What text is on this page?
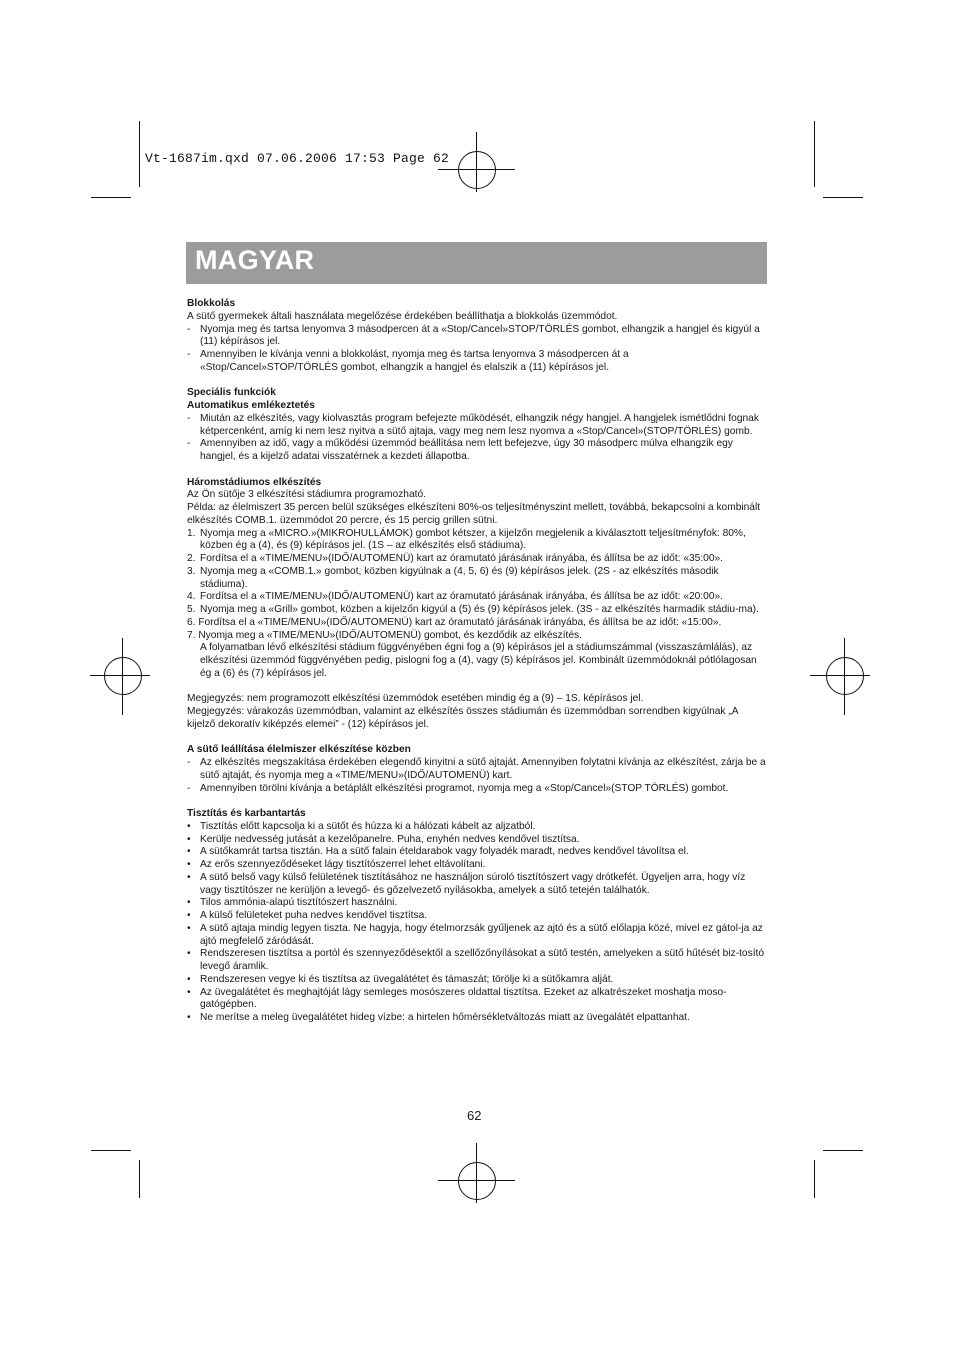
Vt-1687im.qxd 07.06.2006 17:53 Page 62
MAGYAR

Blokkolás

A sütő gyermekek általi használata megelőzése érdekében beállíthatja a blokkolás üzemmódot.

- Nyomja meg és tartsa lenyomva 3 másodpercen át a «Stop/Cancel»STOP/TÖRLÉS gombot, elhangzik a hangjel és kigyúl a (11) képírásos jel.
- Amennyiben le kívánja venni a blokkolást, nyomja meg és tartsa lenyomva 3 másodpercen át a «Stop/Cancel»STOP/TÖRLÉS gombot, elhangzik a hangjel és elalszik a (11) képírásos jel.

Speciális funkciók

Automatikus emlékeztetés

- Miután az elkészítés, vagy kiolvasztás program befejezte működését, elhangzik négy hangjel. A hangjelek ismétlődni fognak kétpercenként, amíg ki nem lesz nyitva a sütő ajtaja, vagy meg nem lesz nyomva a «Stop/Cancel»(STOP/TÖRLÉS) gomb.
- Amennyiben az idő, vagy a működési üzemmód beállítása nem lett befejezve, úgy 30 másodperc múlva elhangzik egy hangjel, és a kijelző adatai visszatérnek a kezdeti állapotba.

Háromstádiumos elkészítés

Az Ön sütője 3 elkészítési stádiumra programozható.

Példa: az élelmiszert 35 percen belül szükséges elkészíteni 80%-os teljesítményszint mellett, továbbá, bekapcsolni a kombinált elkészítés COMB.1. üzemmódot 20 percre, és 15 percig grillen sütni.

1. Nyomja meg a «MICRO.»(MIKROHULLÁMOK) gombot kétszer, a kijelzőn megjelenik a kiválasztott teljesítményfok: 80%, közben ég a (4), és (9) képírásos jel. (1S – az elkészítés első stádiuma).
2. Fordítsa el a «TIME/MENU»(IDŐ/AUTOMENÜ) kart az óramutató járásának irányába, és állítsa be az időt: «35:00».
3. Nyomja meg a «COMB.1.» gombot, közben kigyúlnak a (4, 5, 6) és (9) képírásos jelek. (2S - az elkészítés második stádiuma).
4. Fordítsa el a «TIME/MENU»(IDŐ/AUTOMENÜ) kart az óramutató járásának irányába, és állítsa be az időt: «20:00».
5. Nyomja meg a «Grill» gombot, közben a kijelzőn kigyúl a (5) és (9) képírásos jelek. (3S - az elkészítés harmadik stádiu-ma).

6. Fordítsa el a «TIME/MENU»(IDŐ/AUTOMENÜ) kart az óramutató járásának irányába, és állítsa be az időt: «15:00».

7. Nyomja meg a «TIME/MENU»(IDŐ/AUTOMENÜ) gombot, és kezdődik az elkészítés.

A folyamatban lévő elkészítési stádium függvényében égni fog a (9) képírásos jel a stádiumszámmal (visszaszámlálás), az elkészítési üzemmód függvényében pedig, pislogni fog a (4), vagy (5) képírásos jel. Kombinált üzemmódoknál pótlólagosan ég a (6) és (7) képírásos jel.

Megjegyzés: nem programozott elkészítési üzemmódok esetében mindig ég a (9) – 1S. képírásos jel.

Megjegyzés: várakozás üzemmódban, valamint az elkészítés összes stádiumán és üzemmódban sorrendben kigyúlnak „A kijelző dekoratív kiképzés elemei” - (12) képírásos jel.

A sütő leállítása élelmiszer elkészítése közben

- Az elkészítés megszakítása érdekében elegendő kinyitni a sütő ajtaját. Amennyiben folytatni kívánja az elkészítést, zárja be a sütő ajtaját, és nyomja meg a «TIME/MENU»(IDŐ/AUTOMENÜ) kart.
- Amennyiben törölni kívánja a betáplált elkészítési programot, nyomja meg a «Stop/Cancel»(STOP TÖRLÉS) gombot.

Tisztítás és karbantartás

• Tisztítás előtt kapcsolja ki a sütőt és húzza ki a hálózati kábelt az aljzatból.
• Kerülje nedvesség jutását a kezelőpanelre. Puha, enyhén nedves kendővel tisztítsa.
• A sütőkamrát tartsa tisztán. Ha a sütő falain ételdarabok vagy folyadék maradt, nedves kendővel távolítsa el.
• Az erős szennyeződéseket lágy tisztítószerrel lehet eltávolítani.
• A sütő belső vagy külső felületének tisztításához ne használjon súroló tisztítószert vagy drótkefét. Ügyeljen arra, hogy víz vagy tisztítószer ne kerüljön a levegő- és gőzelvezető nyílásokba, amelyek a sütő tetején találhatók.
• Tilos ammónia-alapú tisztítószert használni.
• A külső felületeket puha nedves kendővel tisztítsa.
• A sütő ajtaja mindig legyen tiszta. Ne hagyja, hogy ételmorzsák gyűljenek az ajtó és a sütő előlapja közé, mivel ez gátol-ja az ajtó megfelelő záródását.
• Rendszeresen tisztítsa a portól és szennyeződésektől a szellőzőnyílásokat a sütő testén, amelyeken a sütő hűtését biz-tosító levegő áramlik.
• Rendszeresen vegye ki és tisztítsa az üvegalátétet és támaszát; törölje ki a sütőkamra alját.
• Az üvegalátétet és meghajtóját lágy semleges mosószeres oldattal tisztítsa. Ezeket az alkatrészeket moshatja moso-gatógépben.
• Ne merítse a meleg üvegalátétet hideg vízbe: a hirtelen hőmérsékletváltozás miatt az üvegalátét elpattanhat.
62
